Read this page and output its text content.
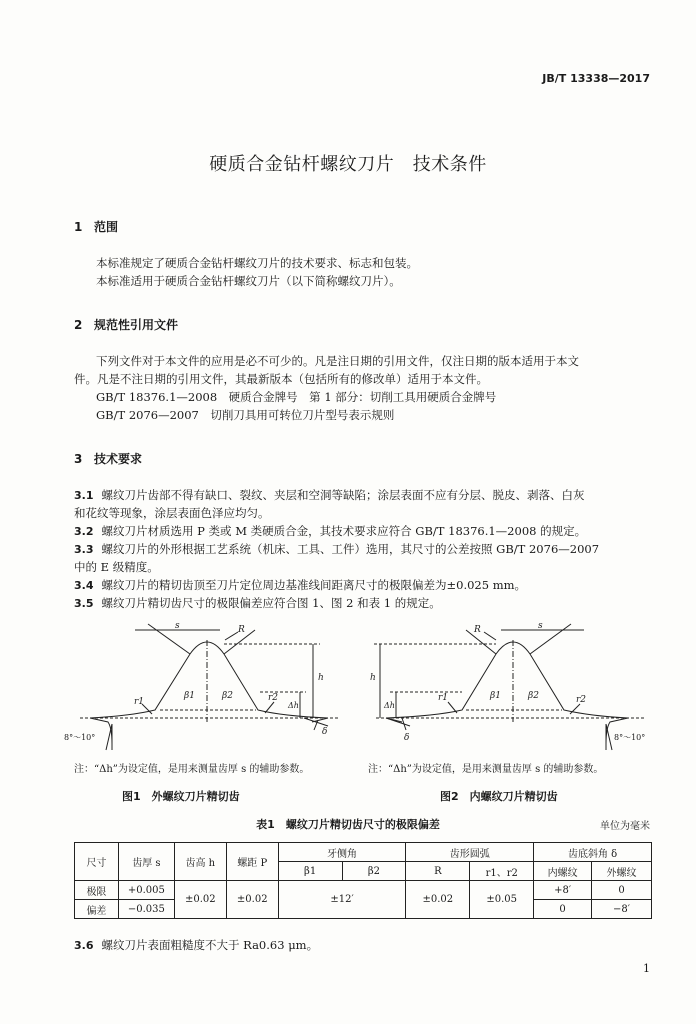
JB/T 13338—2017
硬质合金钻杆螺纹刀片　技术条件
1 范围
本标准规定了硬质合金钻杆螺纹刀片的技术要求、标志和包装。
本标准适用于硬质合金钻杆螺纹刀片（以下简称螺纹刀片）。
2 规范性引用文件
下列文件对于本文件的应用是必不可少的。凡是注日期的引用文件，仅注日期的版本适用于本文
件。凡是不注日期的引用文件，其最新版本（包括所有的修改单）适用于本文件。
GB/T 18376.1—2008　硬质合金牌号　第 1 部分：切削工具用硬质合金牌号
GB/T 2076—2007　切削刀具用可转位刀片型号表示规则
3 技术要求
3.1 螺纹刀片齿部不得有缺口、裂纹、夹层和空洞等缺陷；涂层表面不应有分层、脱皮、剥落、白灰
和花纹等现象，涂层表面色泽应均匀。
3.2 螺纹刀片材质选用 P 类或 M 类硬质合金，其技术要求应符合 GB/T 18376.1—2008 的规定。
3.3 螺纹刀片的外形根据工艺系统（机床、工具、工件）选用，其尺寸的公差按照 GB/T 2076—2007
中的 E 级精度。
3.4 螺纹刀片的精切齿顶至刀片定位周边基准线间距离尺寸的极限偏差为±0.025 mm。
3.5 螺纹刀片精切齿尺寸的极限偏差应符合图 1、图 2 和表 1 的规定。
s	R
h
Δh
r1	r2
β1	β2
δ
8°～10°
s
R
h
Δh
r1	r2
β1	β2
δ	8°～10°
注：“Δh”为设定值，是用来测量齿厚 s 的辅助参数。	注：“Δh”为设定值，是用来测量齿厚 s 的辅助参数。
图1　外螺纹刀片精切齿	图2　内螺纹刀片精切齿
表1　螺纹刀片精切齿尺寸的极限偏差	单位为毫米
尺寸	齿厚 s	齿高 h	螺距 P	牙侧角		齿形圆弧		齿底斜角 δ	
				β1	β2	R	r1、r2	内螺纹	外螺纹
极限	+0.005	±0.02	±0.02	±12′		±0.02	±0.05	+8′	0
偏差	−0.035							0	−8′
3.6 螺纹刀片表面粗糙度不大于 Ra0.63 μm。
1
